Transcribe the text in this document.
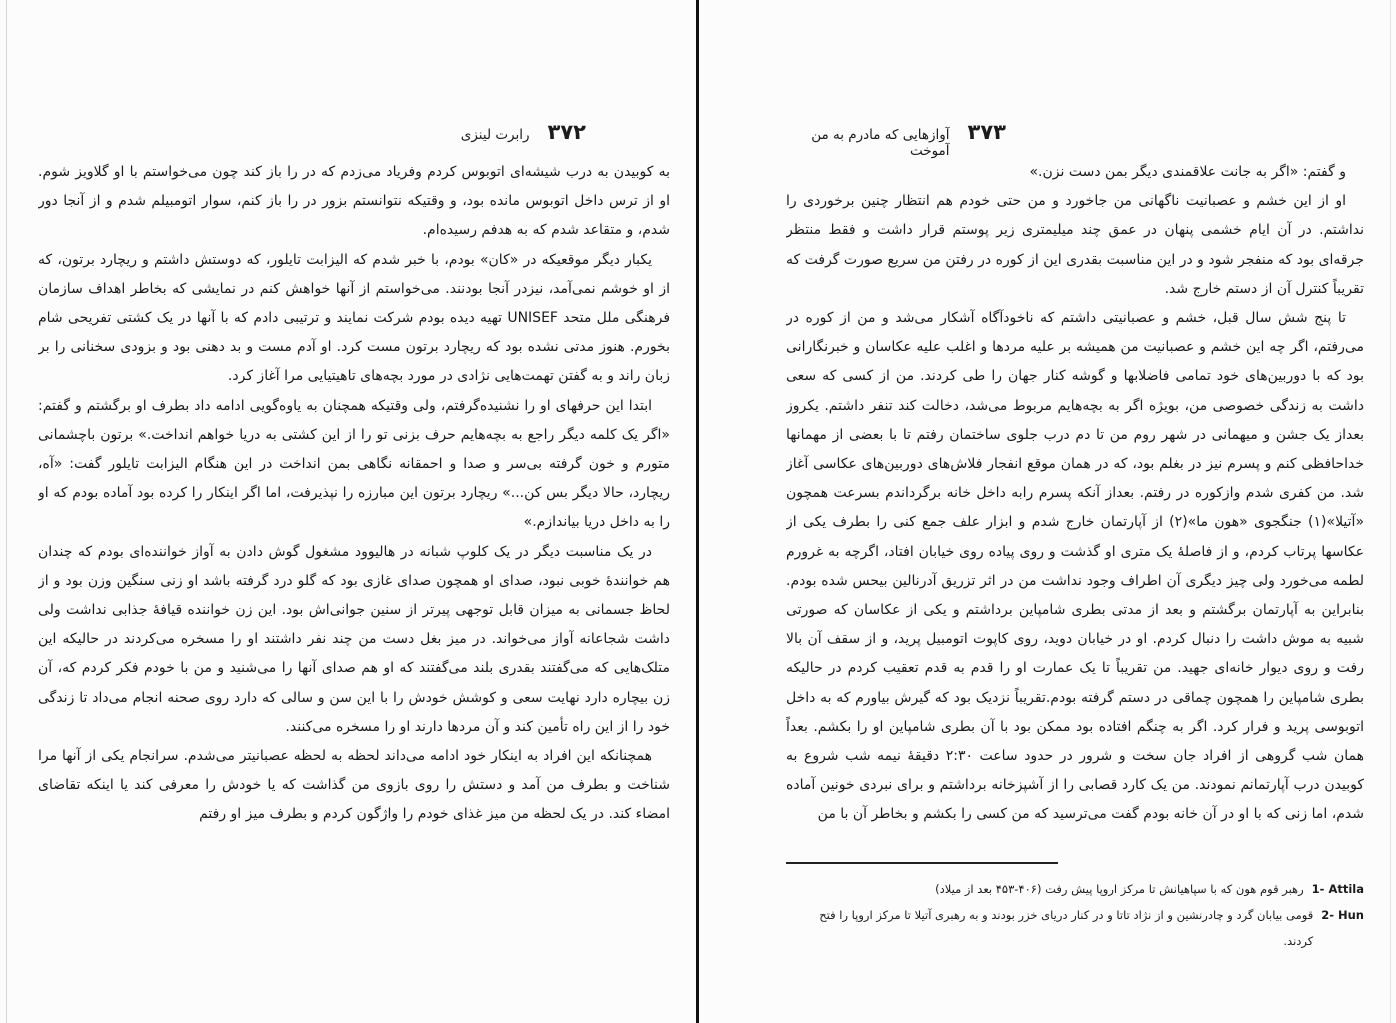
۳۷۲
رابرت لینزی

به کوبیدن به درب شیشه‌ای اتوبوس کردم وفریاد می‌زدم که در را باز کند چون می‌خواستم با او گلاویز شوم. او از ترس داخل اتوبوس مانده بود، و وقتیکه نتوانستم بزور در را باز کنم، سوار اتومبیلم شدم و از آنجا دور شدم، و متقاعد شدم که به هدفم رسیده‌ام.

یکبار دیگر موقعیکه در «کان» بودم، با خبر شدم که الیزابت تایلور، که دوستش داشتم و ریچارد برتون، که از او خوشم نمی‌آمد، نیزدر آنجا بودنند. می‌خواستم از آنها خواهش کنم در نمایشی که بخاطر اهداف سازمان فرهنگی ملل متحد UNISEF تهیه دیده بودم شرکت نمایند و ترتیبی دادم که با آنها در یک کشتی تفریحی شام بخورم. هنوز مدتی نشده بود که ریچارد برتون مست کرد. او آدم مست و بد دهنی بود و بزودی سخنانی را بر زبان راند و به گفتن تهمت‌هایی نژادی در مورد بچه‌های تاهیتیایی مرا آغاز کرد.

ابتدا این حرفهای او را نشنیده‌گرفتم، ولی وقتیکه همچنان به یاوه‌گویی ادامه داد بطرف او برگشتم و گفتم: «اگر یک کلمه دیگر راجع به بچه‌هایم حرف بزنی تو را از این کشتی به دریا خواهم انداخت.» برتون باچشمانی متورم و خون گرفته بی‌سر و صدا و احمقانه نگاهی بمن انداخت در این هنگام الیزابت تایلور گفت: «آه، ریچارد، حالا دیگر بس کن...» ریچارد برتون این مبارزه را نپذیرفت، اما اگر اینکار را کرده بود آماده بودم که او را به داخل دریا بیاندازم.»

در یک مناسبت دیگر در یک کلوپ شبانه در هالیوود مشغول گوش دادن به آواز خواننده‌ای بودم که چندان هم خوانندهٔ خوبی نبود، صدای او همچون صدای غازی بود که گلو درد گرفته باشد او زنی سنگین وزن بود و از لحاظ جسمانی به میزان قابل توجهی پیرتر از سنین جوانی‌اش بود. این زن خواننده قیافهٔ جذابی نداشت ولی داشت شجاعانه آواز می‌خواند. در میز بغل دست من چند نفر داشتند او را مسخره می‌کردند در حالیکه این متلک‌هایی که می‌گفتند بقدری بلند می‌گفتند که او هم صدای آنها را می‌شنید و من با خودم فکر کردم که، آن زن بیچاره دارد نهایت سعی و کوشش خودش را با این سن و سالی که دارد روی صحنه انجام می‌داد تا زندگی خود را از این راه تأمین کند و آن مردها دارند او را مسخره می‌کنند.

همچنانکه این افراد به اینکار خود ادامه می‌داند لحظه به لحظه عصبانیتر می‌شدم. سرانجام یکی از آنها مرا شناخت و بطرف من آمد و دستش را روی بازوی من گذاشت که یا خودش را معرفی کند یا اینکه تقاضای امضاء کند. در یک لحظه من میز غذای خودم را واژگون کردم و بطرف میز او رفتم

۳۷۳
آوازهایی که مادرم به من آموخت

و گفتم: «اگر به جانت علاقمندی دیگر بمن دست نزن.»

او از این خشم و عصبانیت ناگهانی من جاخورد و من حتی خودم هم انتظار چنین برخوردی را نداشتم. در آن ایام خشمی پنهان در عمق چند میلیمتری زیر پوستم قرار داشت و فقط منتظر جرقه‌ای بود که منفجر شود و در این مناسبت بقدری این از کوره در رفتن من سریع صورت گرفت که تقریباً کنترل آن از دستم خارج شد.

تا پنج شش سال قبل، خشم و عصبانیتی داشتم که ناخودآگاه آشکار می‌شد و من از کوره در می‌رفتم، اگر چه این خشم و عصبانیت من همیشه بر علیه مردها و اغلب علیه عکاسان و خبرنگارانی بود که با دوربین‌های خود تمامی فاضلابها و گوشه کنار جهان را طی کردند. من از کسی که سعی داشت به زندگی خصوصی من، بویژه اگر به بچه‌هایم مربوط می‌شد، دخالت کند تنفر داشتم. یکروز بعداز یک جشن و میهمانی در شهر روم من تا دم درب جلوی ساختمان رفتم تا با بعضی از مهمانها خداحافظی کنم و پسرم نیز در بغلم بود، که در همان موقع انفجار فلاش‌های دوربین‌های عکاسی آغاز شد. من کفری شدم وازکوره در رفتم. بعداز آنکه پسرم رابه داخل خانه برگرداندم بسرعت همچون «آتیلا»(۱) جنگجوی «هون ما»(۲) از آپارتمان خارج شدم و ابزار علف جمع کنی را بطرف یکی از عکاسها پرتاب کردم، و از فاصلهٔ یک متری او گذشت و روی پیاده روی خیابان افتاد، اگرچه به غرورم لطمه می‌خورد ولی چیز دیگری آن اطراف وجود نداشت من در اثر تزریق آدرنالین بیحس شده بودم. بنابراین به آپارتمان برگشتم و بعد از مدتی بطری شامپاین برداشتم و یکی از عکاسان که صورتی شبیه به موش داشت را دنبال کردم. او در خیابان دوید، روی کاپوت اتومبیل پرید، و از سقف آن بالا رفت و روی دیوار خانه‌ای جهید. من تقریباً تا یک عمارت او را قدم به قدم تعقیب کردم در حالیکه بطری شامپاین را همچون چماقی در دستم گرفته بودم.تقریباً نزدیک بود که گیرش بیاورم که به داخل اتوبوسی پرید و فرار کرد. اگر به چنگم افتاده بود ممکن بود با آن بطری شامپاین او را بکشم. بعداً همان شب گروهی از افراد جان سخت و شرور در حدود ساعت ۲:۳۰ دقیقهٔ نیمه شب شروع به کوبیدن درب آپارتمانم نمودند. من یک کارد قصابی را از آشپزخانه برداشتم و برای نبردی خونین آماده شدم، اما زنی که با او در آن خانه بودم گفت می‌ترسید که من کسی را بکشم و بخاطر آن با من

1- Attila
رهبر قوم هون که با سپاهیانش تا مرکز اروپا پیش رفت (۴۰۶-۴۵۳ بعد از میلاد)
2- Hun
قومی بیابان گرد و چادرنشین و از نژاد تاتا و در کنار دریای خزر بودند و به رهبری آتیلا تا مرکز اروپا را فتح کردند.
